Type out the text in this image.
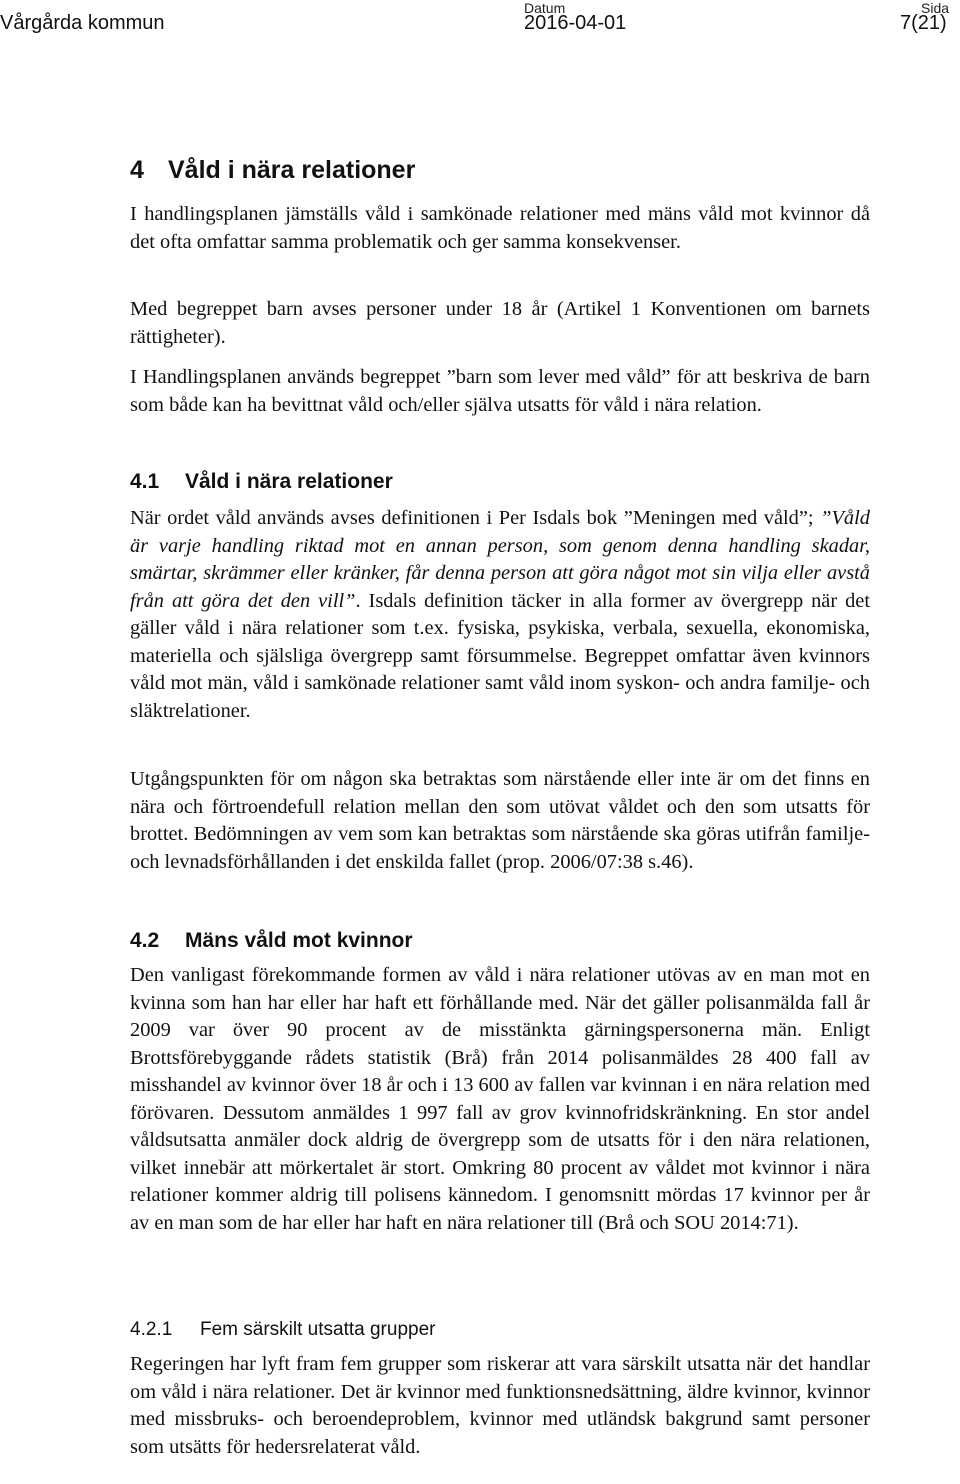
Vårgårda kommun
Datum
2016-04-01
Sida
7(21)
4 Våld i nära relationer

I handlingsplanen jämställs våld i samkönade relationer med mäns våld mot kvinnor då det ofta omfattar samma problematik och ger samma konsekvenser.

Med begreppet barn avses personer under 18 år (Artikel 1 Konventionen om barnets rättigheter).

I Handlingsplanen används begreppet ”barn som lever med våld” för att beskriva de barn som både kan ha bevittnat våld och/eller själva utsatts för våld i nära relation.

4.1 Våld i nära relationer

När ordet våld används avses definitionen i Per Isdals bok ”Meningen med våld”; ”Våld är varje handling riktad mot en annan person, som genom denna handling skadar, smärtar, skrämmer eller kränker, får denna person att göra något mot sin vilja eller avstå från att göra det den vill”. Isdals definition täcker in alla former av övergrepp när det gäller våld i nära relationer som t.ex. fysiska, psykiska, verbala, sexuella, ekonomiska, materiella och själsliga övergrepp samt försummelse. Begreppet omfattar även kvinnors våld mot män, våld i samkönade relationer samt våld inom syskon- och andra familje- och släktrelationer.

Utgångspunkten för om någon ska betraktas som närstående eller inte är om det finns en nära och förtroendefull relation mellan den som utövat våldet och den som utsatts för brottet. Bedömningen av vem som kan betraktas som närstående ska göras utifrån familje- och levnadsförhållanden i det enskilda fallet (prop. 2006/07:38 s.46).

4.2 Mäns våld mot kvinnor

Den vanligast förekommande formen av våld i nära relationer utövas av en man mot en kvinna som han har eller har haft ett förhållande med. När det gäller polisanmälda fall år 2009 var över 90 procent av de misstänkta gärningspersonerna män. Enligt Brottsförebyggande rådets statistik (Brå) från 2014 polisanmäldes 28 400 fall av misshandel av kvinnor över 18 år och i 13 600 av fallen var kvinnan i en nära relation med förövaren. Dessutom anmäldes 1 997 fall av grov kvinnofridskränkning. En stor andel våldsutsatta anmäler dock aldrig de övergrepp som de utsatts för i den nära relationen, vilket innebär att mörkertalet är stort. Omkring 80 procent av våldet mot kvinnor i nära relationer kommer aldrig till polisens kännedom. I genomsnitt mördas 17 kvinnor per år av en man som de har eller har haft en nära relationer till (Brå och SOU 2014:71).

4.2.1 Fem särskilt utsatta grupper

Regeringen har lyft fram fem grupper som riskerar att vara särskilt utsatta när det handlar om våld i nära relationer. Det är kvinnor med funktionsnedsättning, äldre kvinnor, kvinnor med missbruks- och beroendeproblem, kvinnor med utländsk bakgrund samt personer som utsätts för hedersrelaterat våld.
